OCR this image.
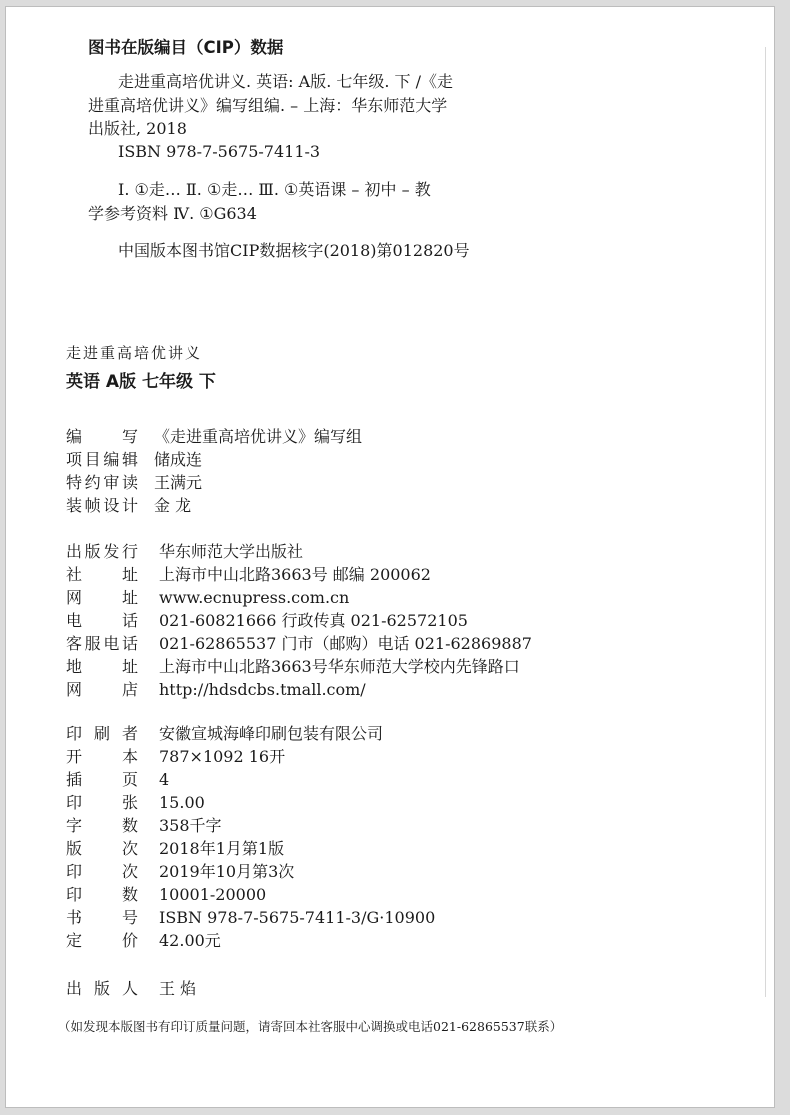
图书在版编目（CIP）数据
走进重高培优讲义. 英语: A版. 七年级. 下 /《走
进重高培优讲义》编写组编. – 上海：华东师范大学
出版社, 2018
ISBN 978-7-5675-7411-3
Ⅰ. ①走… Ⅱ. ①走… Ⅲ. ①英语课 – 初中 – 教
学参考资料 Ⅳ. ①G634
中国版本图书馆CIP数据核字(2018)第012820号
走进重高培优讲义
英语 A版 七年级 下
编写	《走进重高培优讲义》编写组
项目编辑	储成连
特约审读	王满元
装帧设计	金 龙
出版发行	华东师范大学出版社
社址	上海市中山北路3663号 邮编 200062
网址	www.ecnupress.com.cn
电话	021-60821666 行政传真 021-62572105
客服电话	021-62865537 门市（邮购）电话 021-62869887
地址	上海市中山北路3663号华东师范大学校内先锋路口
网店	http://hdsdcbs.tmall.com/
印刷者	安徽宣城海峰印刷包装有限公司
开本	787×1092 16开
插页	4
印张	15.00
字数	358千字
版次	2018年1月第1版
印次	2019年10月第3次
印数	10001-20000
书号	ISBN 978-7-5675-7411-3/G·10900
定价	42.00元
出版人	王 焰
（如发现本版图书有印订质量问题，请寄回本社客服中心调换或电话021-62865537联系）
